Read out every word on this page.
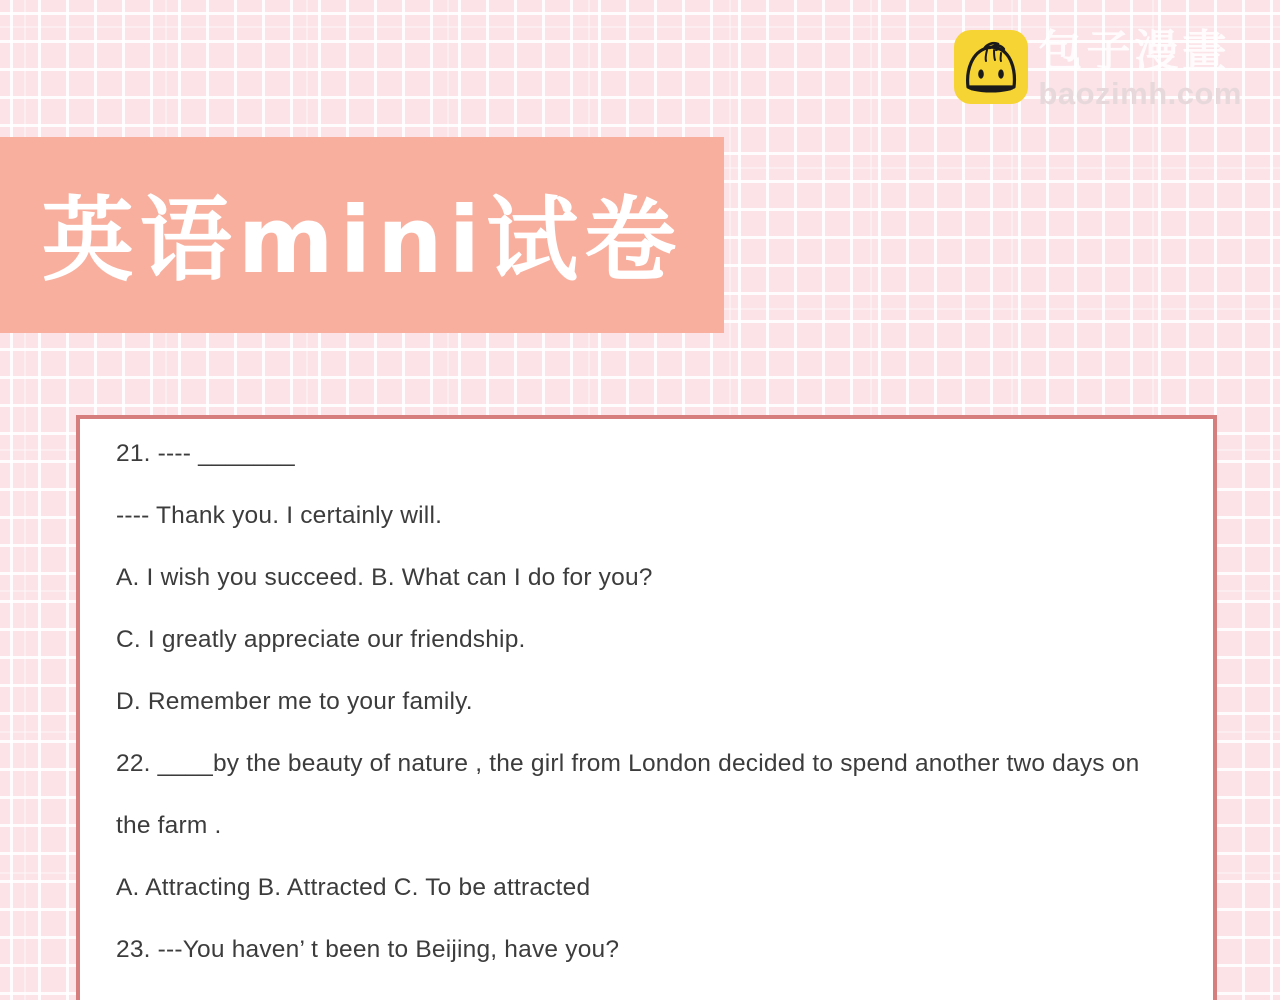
包子漫畫
baozimh.com
英语mini试卷
21. ---- _______
---- Thank you. I certainly will.
A. I wish you succeed. B. What can I do for you?
C. I greatly appreciate our friendship.
D. Remember me to your family.
22. ____by the beauty of nature , the girl from London decided to spend another two days on
the farm .
A. Attracting B. Attracted C. To be attracted
23. ---You haven’ t been to Beijing, have you?
